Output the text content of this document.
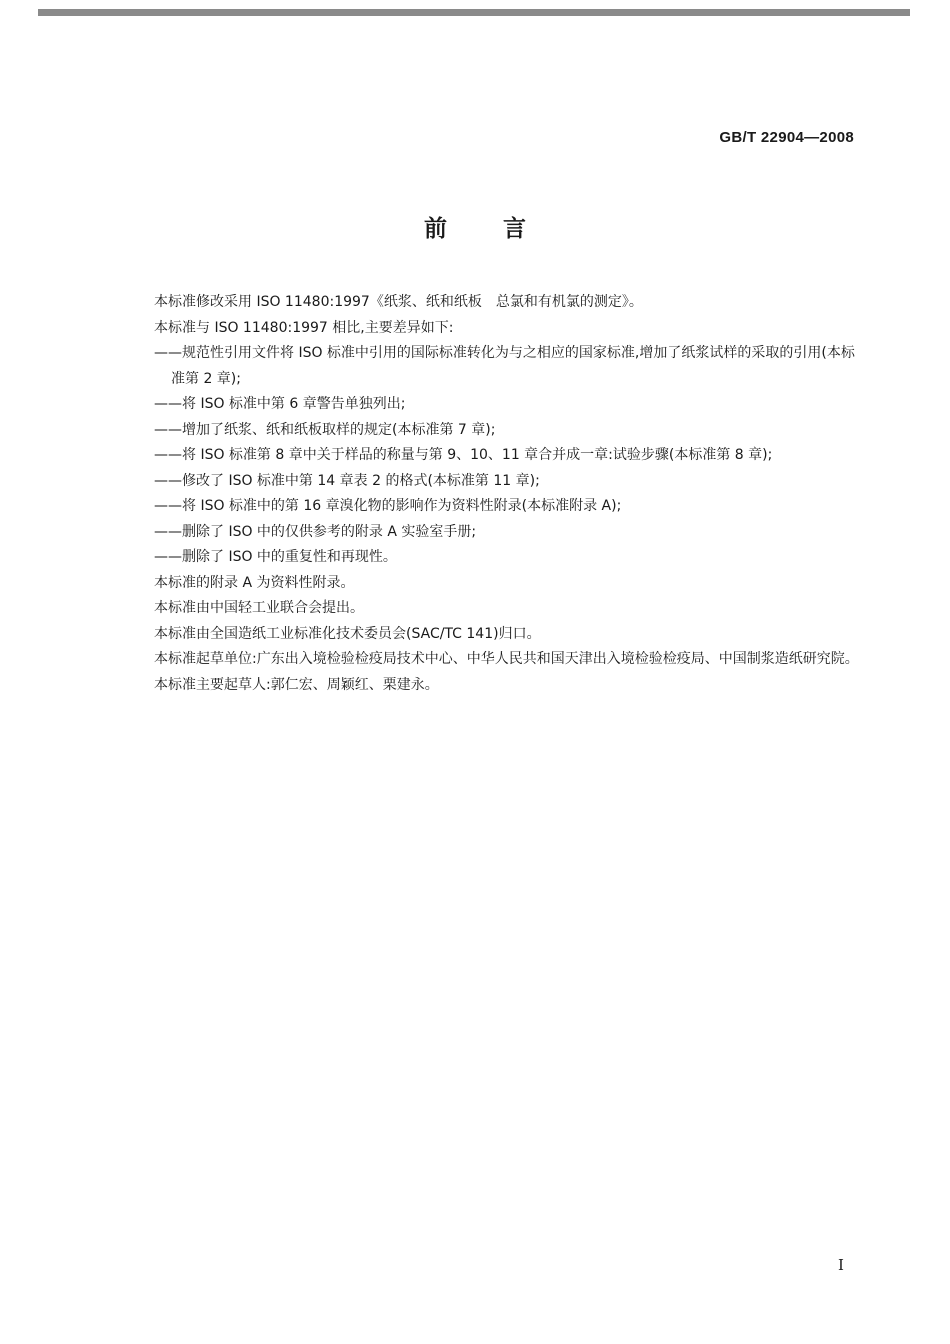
GB/T 22904—2008
前言

本标准修改采用 ISO 11480:1997《纸浆、纸和纸板　总氯和有机氯的测定》。

本标准与 ISO 11480:1997 相比,主要差异如下:

——规范性引用文件将 ISO 标准中引用的国际标准转化为与之相应的国家标准,增加了纸浆试样的采取的引用(本标准第 2 章);

——将 ISO 标准中第 6 章警告单独列出;

——增加了纸浆、纸和纸板取样的规定(本标准第 7 章);

——将 ISO 标准第 8 章中关于样品的称量与第 9、10、11 章合并成一章:试验步骤(本标准第 8 章);

——修改了 ISO 标准中第 14 章表 2 的格式(本标准第 11 章);

——将 ISO 标准中的第 16 章溴化物的影响作为资料性附录(本标准附录 A);

——删除了 ISO 中的仅供参考的附录 A 实验室手册;

——删除了 ISO 中的重复性和再现性。

本标准的附录 A 为资料性附录。

本标准由中国轻工业联合会提出。

本标准由全国造纸工业标准化技术委员会(SAC/TC 141)归口。

本标准起草单位:广东出入境检验检疫局技术中心、中华人民共和国天津出入境检验检疫局、中国制浆造纸研究院。

本标准主要起草人:郭仁宏、周颖红、栗建永。

I
